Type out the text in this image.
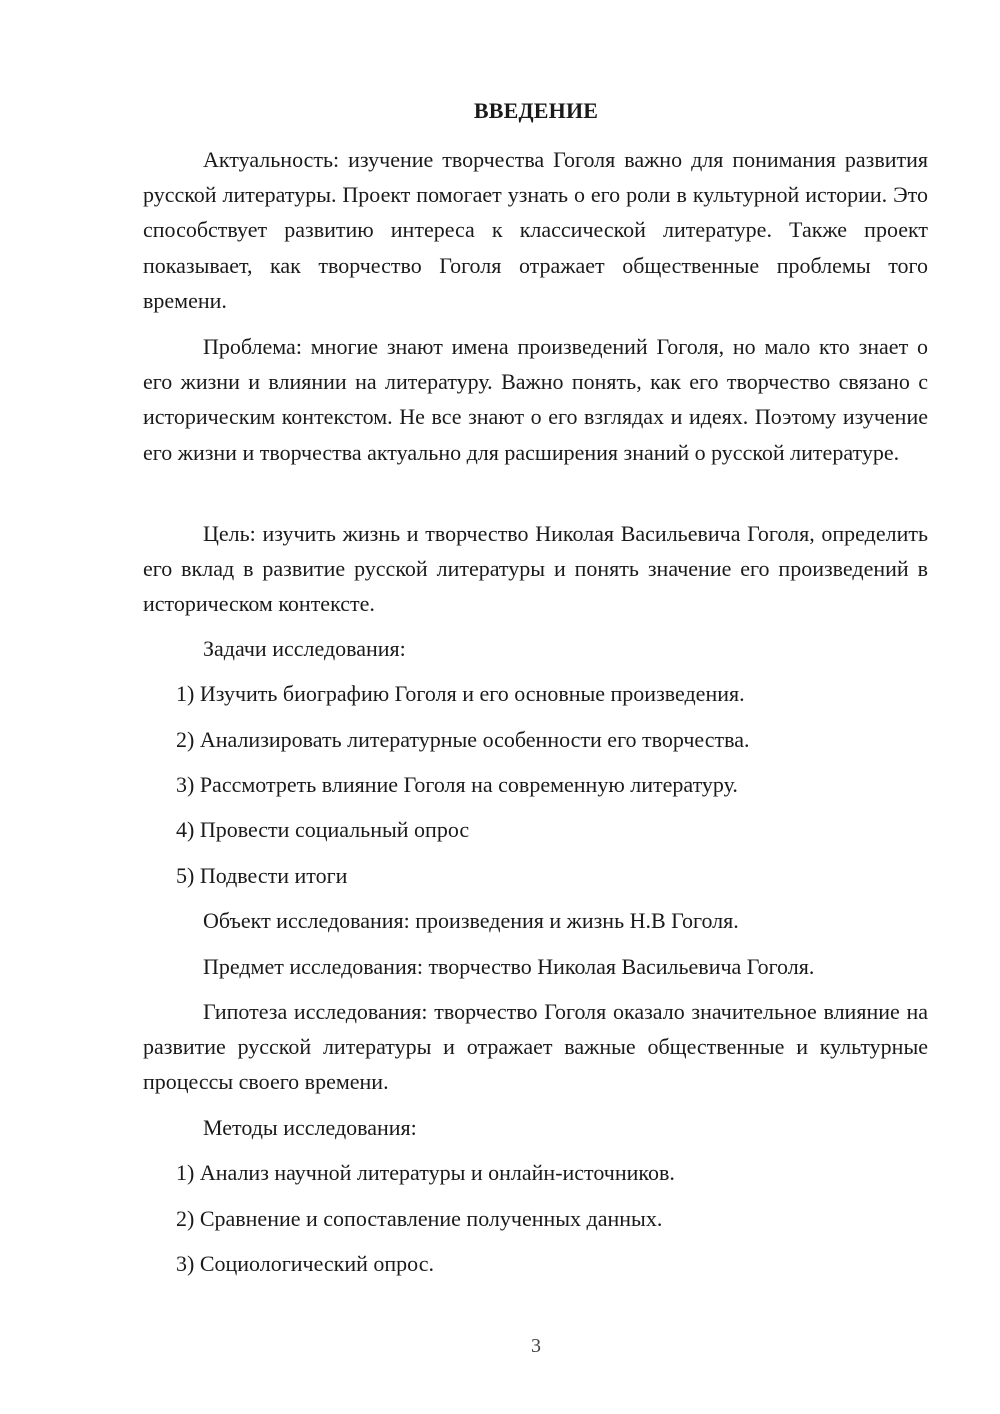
ВВЕДЕНИЕ

Актуальность: изучение творчества Гоголя важно для понимания развития русской литературы. Проект помогает узнать о его роли в культурной истории. Это способствует развитию интереса к классической литературе. Также проект показывает, как творчество Гоголя отражает общественные проблемы того времени.

Проблема: многие знают имена произведений Гоголя, но мало кто знает о его жизни и влиянии на литературу. Важно понять, как его творчество связано с историческим контекстом. Не все знают о его взглядах и идеях. Поэтому изучение его жизни и творчества актуально для расширения знаний о русской литературе.

Цель: изучить жизнь и творчество Николая Васильевича Гоголя, определить его вклад в развитие русской литературы и понять значение его произведений в историческом контексте.

Задачи исследования:
1) Изучить биографию Гоголя и его основные произведения.
2) Анализировать литературные особенности его творчества.
3) Рассмотреть влияние Гоголя на современную литературу.
4) Провести социальный опрос
5) Подвести итоги
Объект исследования: произведения и жизнь Н.В Гоголя.
Предмет исследования: творчество Николая Васильевича Гоголя.

Гипотеза исследования: творчество Гоголя оказало значительное влияние на развитие русской литературы и отражает важные общественные и культурные процессы своего времени.

Методы исследования:
1) Анализ научной литературы и онлайн-источников.
2) Сравнение и сопоставление полученных данных.
3) Социологический опрос.
3
